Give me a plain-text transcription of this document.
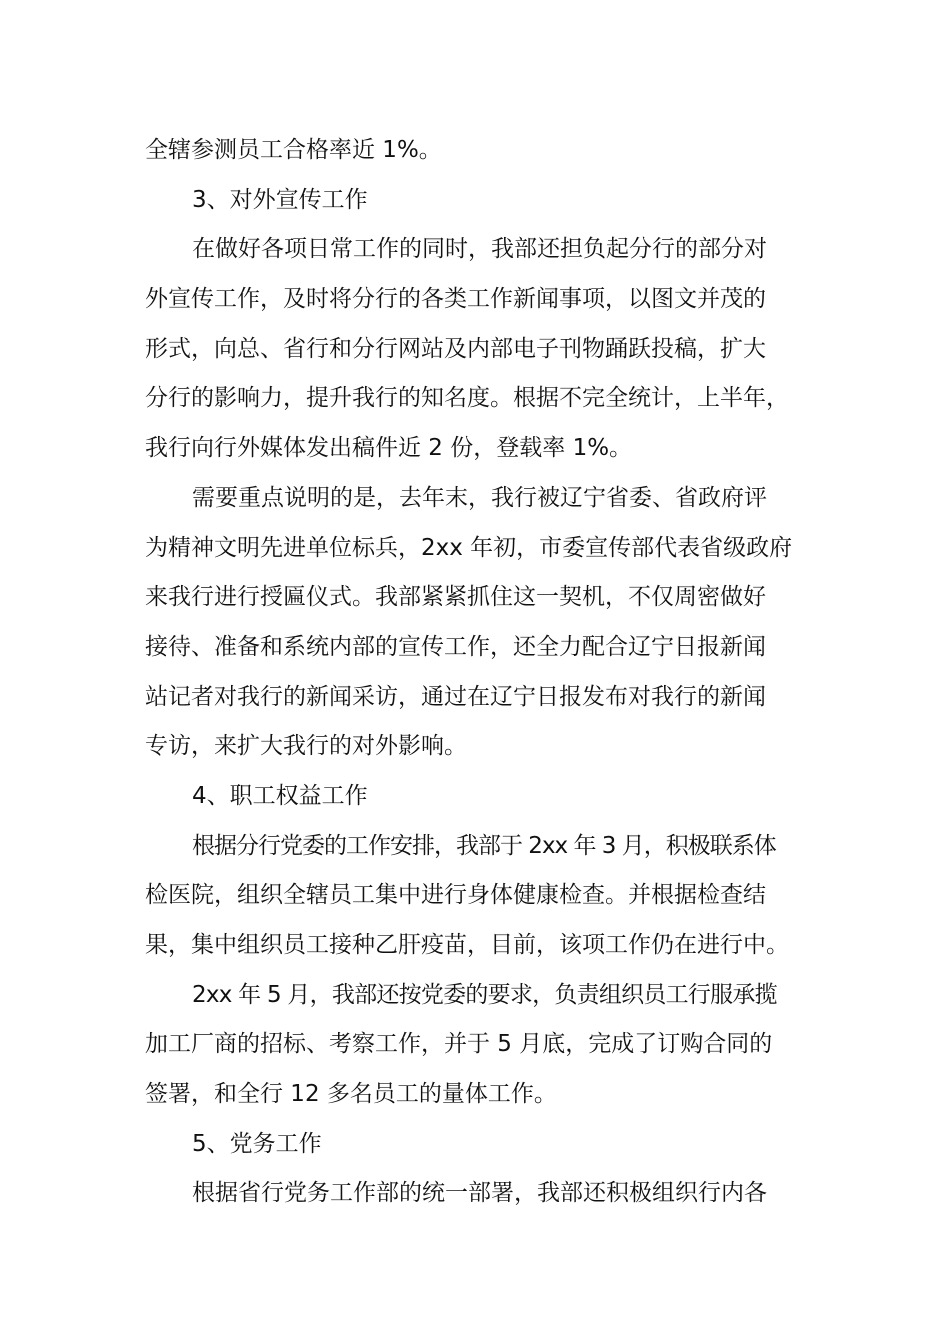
全辖参测员工合格率近 1%。
3、对外宣传工作
在做好各项日常工作的同时，我部还担负起分行的部分对
外宣传工作，及时将分行的各类工作新闻事项，以图文并茂的
形式，向总、省行和分行网站及内部电子刊物踊跃投稿，扩大
分行的影响力，提升我行的知名度。根据不完全统计，上半年，
我行向行外媒体发出稿件近 2 份，登载率 1%。
需要重点说明的是，去年末，我行被辽宁省委、省政府评
为精神文明先进单位标兵，2xx 年初，市委宣传部代表省级政府
来我行进行授匾仪式。我部紧紧抓住这一契机，不仅周密做好
接待、准备和系统内部的宣传工作，还全力配合辽宁日报新闻
站记者对我行的新闻采访，通过在辽宁日报发布对我行的新闻
专访，来扩大我行的对外影响。
4、职工权益工作
根据分行党委的工作安排，我部于 2xx 年 3 月，积极联系体
检医院，组织全辖员工集中进行身体健康检查。并根据检查结
果，集中组织员工接种乙肝疫苗，目前，该项工作仍在进行中。
2xx 年 5 月，我部还按党委的要求，负责组织员工行服承揽
加工厂商的招标、考察工作，并于 5 月底，完成了订购合同的
签署，和全行 12 多名员工的量体工作。
5、党务工作
根据省行党务工作部的统一部署，我部还积极组织行内各
